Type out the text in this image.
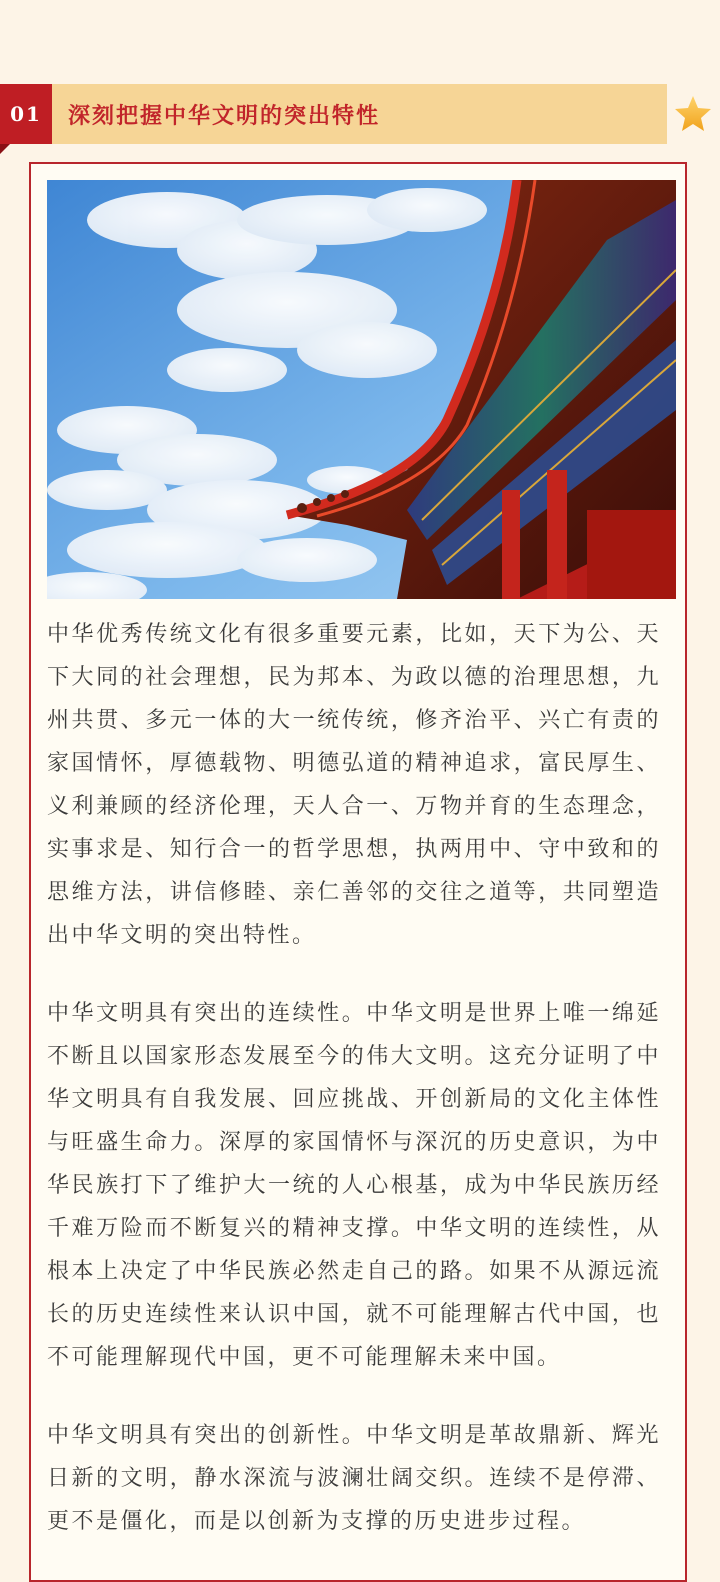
01	深刻把握中华文明的突出特性

中华优秀传统文化有很多重要元素，比如，天下为公、天下大同的社会理想，民为邦本、为政以德的治理思想，九州共贯、多元一体的大一统传统，修齐治平、兴亡有责的家国情怀，厚德载物、明德弘道的精神追求，富民厚生、义利兼顾的经济伦理，天人合一、万物并育的生态理念，实事求是、知行合一的哲学思想，执两用中、守中致和的思维方法，讲信修睦、亲仁善邻的交往之道等，共同塑造出中华文明的突出特性。

中华文明具有突出的连续性。中华文明是世界上唯一绵延不断且以国家形态发展至今的伟大文明。这充分证明了中华文明具有自我发展、回应挑战、开创新局的文化主体性与旺盛生命力。深厚的家国情怀与深沉的历史意识，为中华民族打下了维护大一统的人心根基，成为中华民族历经千难万险而不断复兴的精神支撑。中华文明的连续性，从根本上决定了中华民族必然走自己的路。如果不从源远流长的历史连续性来认识中国，就不可能理解古代中国，也不可能理解现代中国，更不可能理解未来中国。

中华文明具有突出的创新性。中华文明是革故鼎新、辉光日新的文明，静水深流与波澜壮阔交织。连续不是停滞、更不是僵化，而是以创新为支撑的历史进步过程。
